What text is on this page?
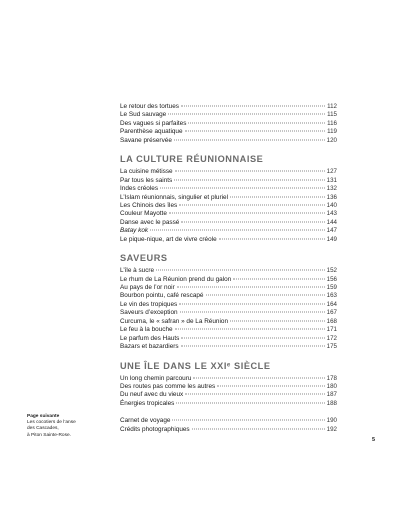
Le retour des tortues	112
Le Sud sauvage	115
Des vagues si parfaites	116
Parenthèse aquatique	119
Savane préservée	120
LA CULTURE RÉUNIONNAISE
La cuisine métisse	127
Par tous les saints	131
Indes créoles	132
L’Islam réunionnais, singulier et pluriel	136
Les Chinois des îles	140
Couleur Mayotte	143
Danse avec le passé	144
Batay kok	147
Le pique-nique, art de vivre créole	149
SAVEURS
L’île à sucre	152
Le rhum de La Réunion prend du galon	156
Au pays de l’or noir	159
Bourbon pointu, café rescapé	163
Le vin des tropiques	164
Saveurs d’exception	167
Curcuma, le « safran » de La Réunion	168
Le feu à la bouche	171
Le parfum des Hauts	172
Bazars et bazardiers	175
UNE ÎLE DANS LE XXIᵉ SIÈCLE
Un long chemin parcouru	178
Des routes pas comme les autres	180
Du neuf avec du vieux	187
Énergies tropicales	188
Carnet de voyage	190
Crédits photographiques	192
Page suivante
Les cocotiers de l’anse
des Cascades,
à Piton Sainte-Rose.
5
